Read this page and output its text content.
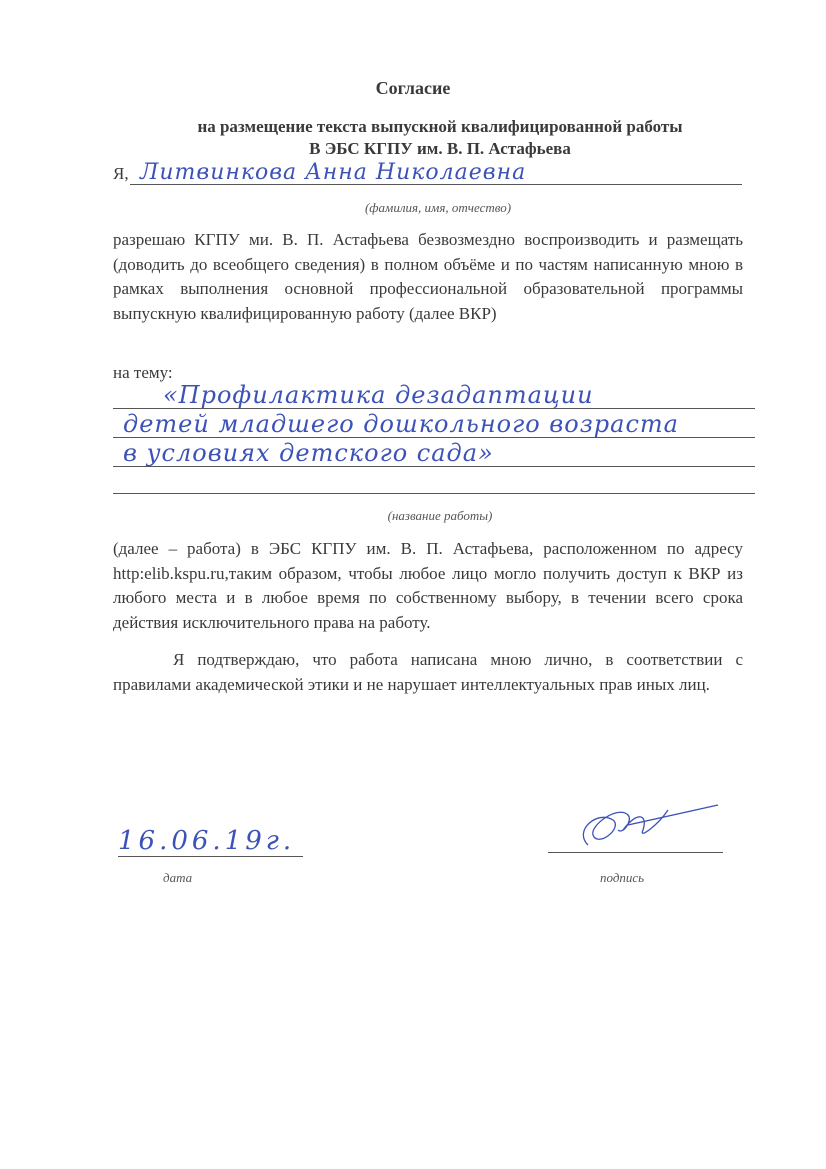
Согласие
на размещение текста выпускной квалифицированной работы
В ЭБС КГПУ им. В. П. Астафьева
Я, Литвинкова Анна Николаевна
(фамилия, имя, отчество)
разрешаю КГПУ ми. В. П. Астафьева безвозмездно воспроизводить и размещать (доводить до всеобщего сведения) в полном объёме и по частям написанную мною в рамках выполнения основной профессиональной образовательной программы выпускную квалифицированную работу (далее ВКР)
на тему:
«Профилактика дезадаптации
детей младшего дошкольного возраста
в условиях детского сада»
(название работы)
(далее – работа) в ЭБС КГПУ им. В. П. Астафьева, расположенном по адресу http:elib.kspu.ru,таким образом, чтобы любое лицо могло получить доступ к ВКР из любого места и в любое время по собственному выбору, в течении всего срока действия исключительного права на работу.
Я подтверждаю, что работа написана мною лично, в соответствии с правилами академической этики и не нарушает интеллектуальных прав иных лиц.
16.06.19г.
дата	подпись
